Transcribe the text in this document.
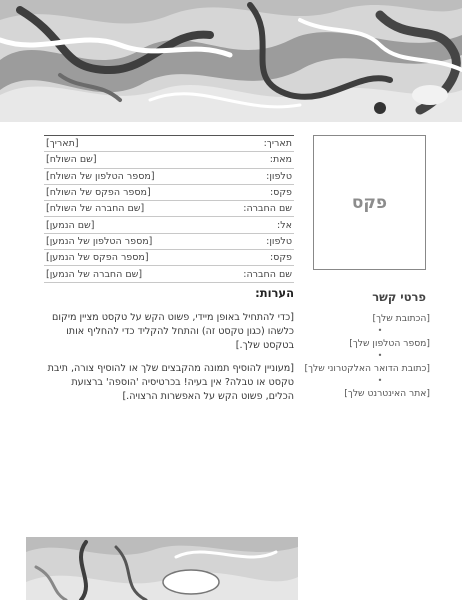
תאריך:
[תאריך]
מאת:
[שם השולח]
טלפון:
[מספר הטלפון של השולח]
פקס:
[מספר הפקס של השולח]
שם החברה:
[שם החברה של השולח]
אל:
[שם הנמען]
טלפון:
[מספר הטלפון של הנמען]
פקס:
[מספר הפקס של הנמען]
שם החברה:
[שם החברה של הנמען]
פקס
הערות:

[כדי להתחיל באופן מיידי, פשוט הקש על טקסט מציין מיקום כלשהו (כגון טקסט זה) והתחל להקליד כדי להחליף אותו בטקסט שלך.]

[מעוניין להוסיף תמונה מהקבצים שלך או להוסיף צורה, תיבת טקסט או טבלה? אין בעיה! בכרטיסיה 'הוספה' ברצועת הכלים, פשוט הקש על האפשרות הרצויה.]

פרטי קשר
[הכתובת שלך]
•
[מספר הטלפון שלך]
•
[כתובת הדואר האלקטרוני שלך]
•
[אתר האינטרנט שלך]
